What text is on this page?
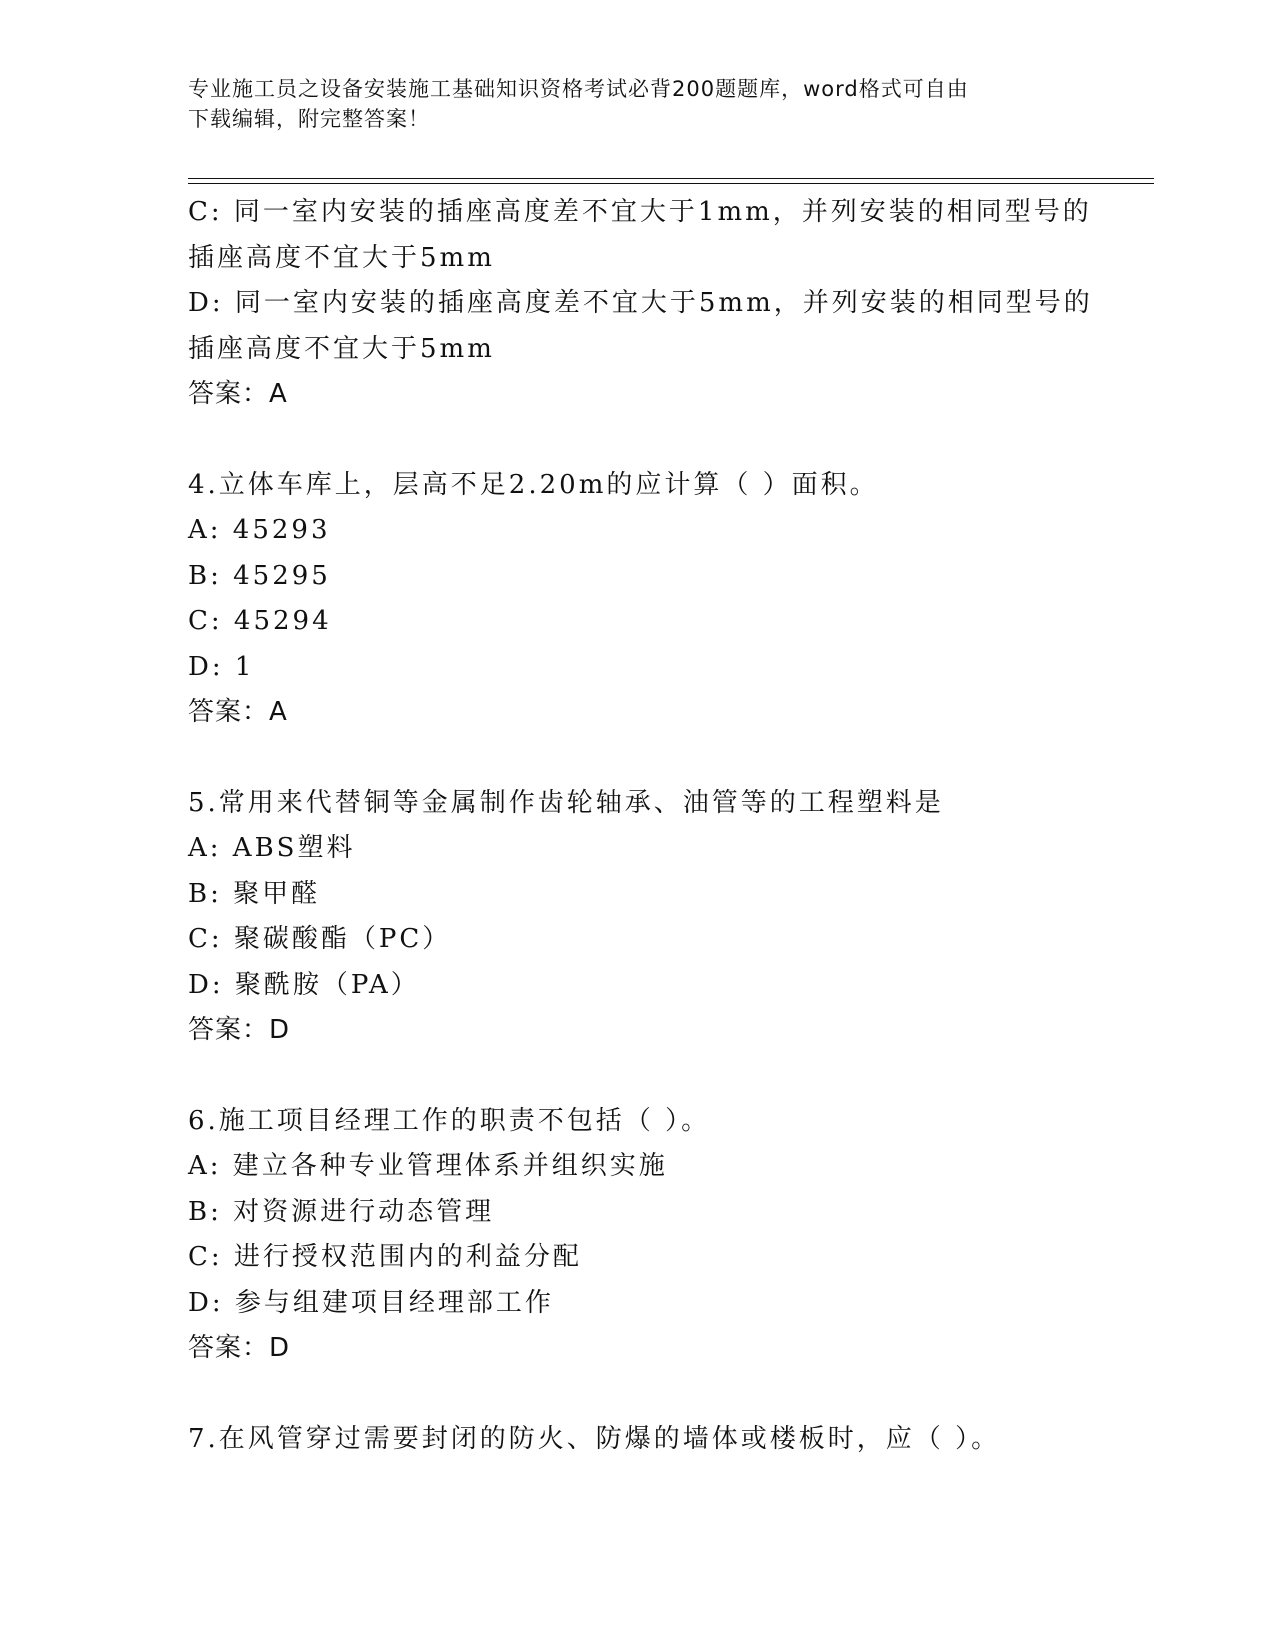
专业施工员之设备安装施工基础知识资格考试必背200题题库，word格式可自由
下载编辑，附完整答案！
C: 同一室内安装的插座高度差不宜大于1mm，并列安装的相同型号的
插座高度不宜大于5mm
D: 同一室内安装的插座高度差不宜大于5mm，并列安装的相同型号的
插座高度不宜大于5mm
答案：A
4.立体车库上，层高不足2.20m的应计算（ ）面积。
A: 45293
B: 45295
C: 45294
D: 1
答案：A
5.常用来代替铜等金属制作齿轮轴承、油管等的工程塑料是
A: ABS塑料
B: 聚甲醛
C: 聚碳酸酯（PC）
D: 聚酰胺（PA）
答案：D
6.施工项目经理工作的职责不包括（ ）。
A: 建立各种专业管理体系并组织实施
B: 对资源进行动态管理
C: 进行授权范围内的利益分配
D: 参与组建项目经理部工作
答案：D
7.在风管穿过需要封闭的防火、防爆的墙体或楼板时，应（ ）。
